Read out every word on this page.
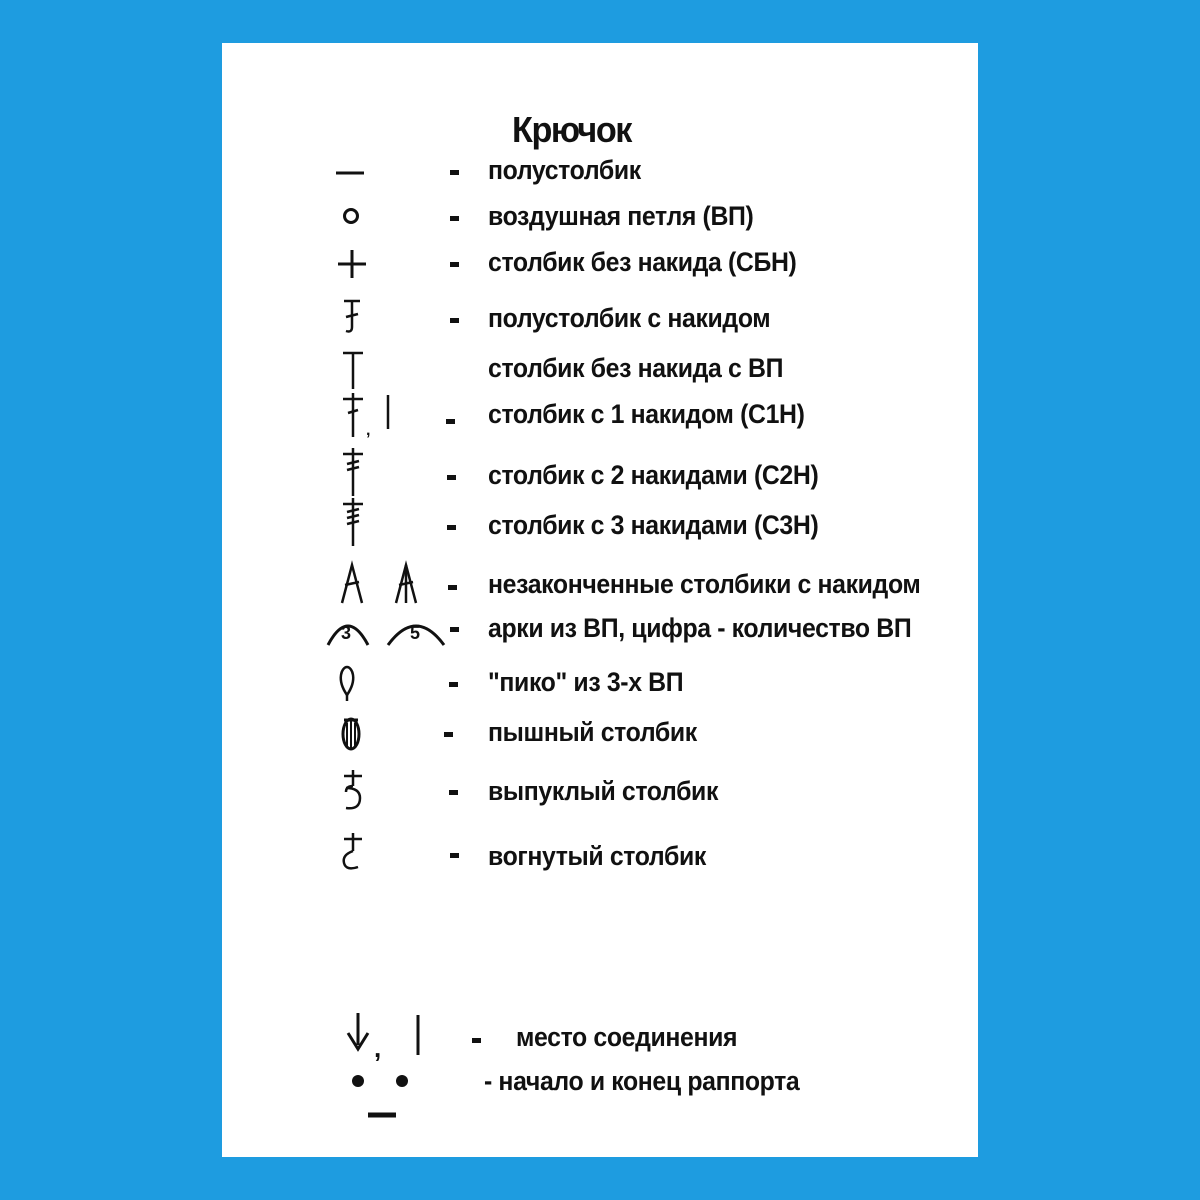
Крючок
полустолбик
воздушная петля (ВП)
столбик без накида (СБН)
полустолбик с накидом
столбик без накида с ВП
,
столбик с 1 накидом (С1Н)
столбик с 2 накидами (С2Н)
столбик с 3 накидами (С3Н)
незаконченные столбики с накидом
3	5	арки из ВП, цифра - количество ВП
"пико" из 3-х ВП
пышный столбик
выпуклый столбик
вогнутый столбик
,	место соединения
- начало и конец раппорта
